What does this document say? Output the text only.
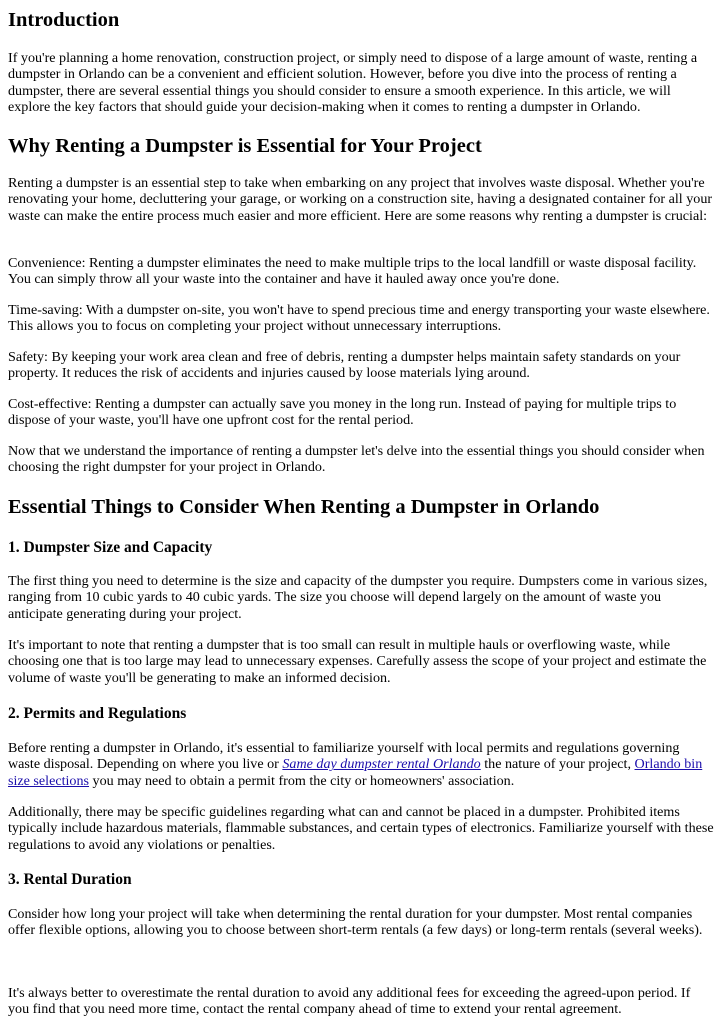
Introduction

If you're planning a home renovation, construction project, or simply need to dispose of a large amount of waste, renting a dumpster in Orlando can be a convenient and efficient solution. However, before you dive into the process of renting a dumpster, there are several essential things you should consider to ensure a smooth experience. In this article, we will explore the key factors that should guide your decision-making when it comes to renting a dumpster in Orlando.

Why Renting a Dumpster is Essential for Your Project

Renting a dumpster is an essential step to take when embarking on any project that involves waste disposal. Whether you're renovating your home, decluttering your garage, or working on a construction site, having a designated container for all your waste can make the entire process much easier and more efficient. Here are some reasons why renting a dumpster is crucial:

Convenience: Renting a dumpster eliminates the need to make multiple trips to the local landfill or waste disposal facility. You can simply throw all your waste into the container and have it hauled away once you're done.

Time-saving: With a dumpster on-site, you won't have to spend precious time and energy transporting your waste elsewhere. This allows you to focus on completing your project without unnecessary interruptions.

Safety: By keeping your work area clean and free of debris, renting a dumpster helps maintain safety standards on your property. It reduces the risk of accidents and injuries caused by loose materials lying around.

Cost-effective: Renting a dumpster can actually save you money in the long run. Instead of paying for multiple trips to dispose of your waste, you'll have one upfront cost for the rental period.

Now that we understand the importance of renting a dumpster let's delve into the essential things you should consider when choosing the right dumpster for your project in Orlando.

Essential Things to Consider When Renting a Dumpster in Orlando
1. Dumpster Size and Capacity

The first thing you need to determine is the size and capacity of the dumpster you require. Dumpsters come in various sizes, ranging from 10 cubic yards to 40 cubic yards. The size you choose will depend largely on the amount of waste you anticipate generating during your project.

It's important to note that renting a dumpster that is too small can result in multiple hauls or overflowing waste, while choosing one that is too large may lead to unnecessary expenses. Carefully assess the scope of your project and estimate the volume of waste you'll be generating to make an informed decision.

2. Permits and Regulations

Before renting a dumpster in Orlando, it's essential to familiarize yourself with local permits and regulations governing waste disposal. Depending on where you live or Same day dumpster rental Orlando the nature of your project, Orlando bin size selections you may need to obtain a permit from the city or homeowners' association.

Additionally, there may be specific guidelines regarding what can and cannot be placed in a dumpster. Prohibited items typically include hazardous materials, flammable substances, and certain types of electronics. Familiarize yourself with these regulations to avoid any violations or penalties.

3. Rental Duration

Consider how long your project will take when determining the rental duration for your dumpster. Most rental companies offer flexible options, allowing you to choose between short-term rentals (a few days) or long-term rentals (several weeks).

It's always better to overestimate the rental duration to avoid any additional fees for exceeding the agreed-upon period. If you find that you need more time, contact the rental company ahead of time to extend your rental agreement.
